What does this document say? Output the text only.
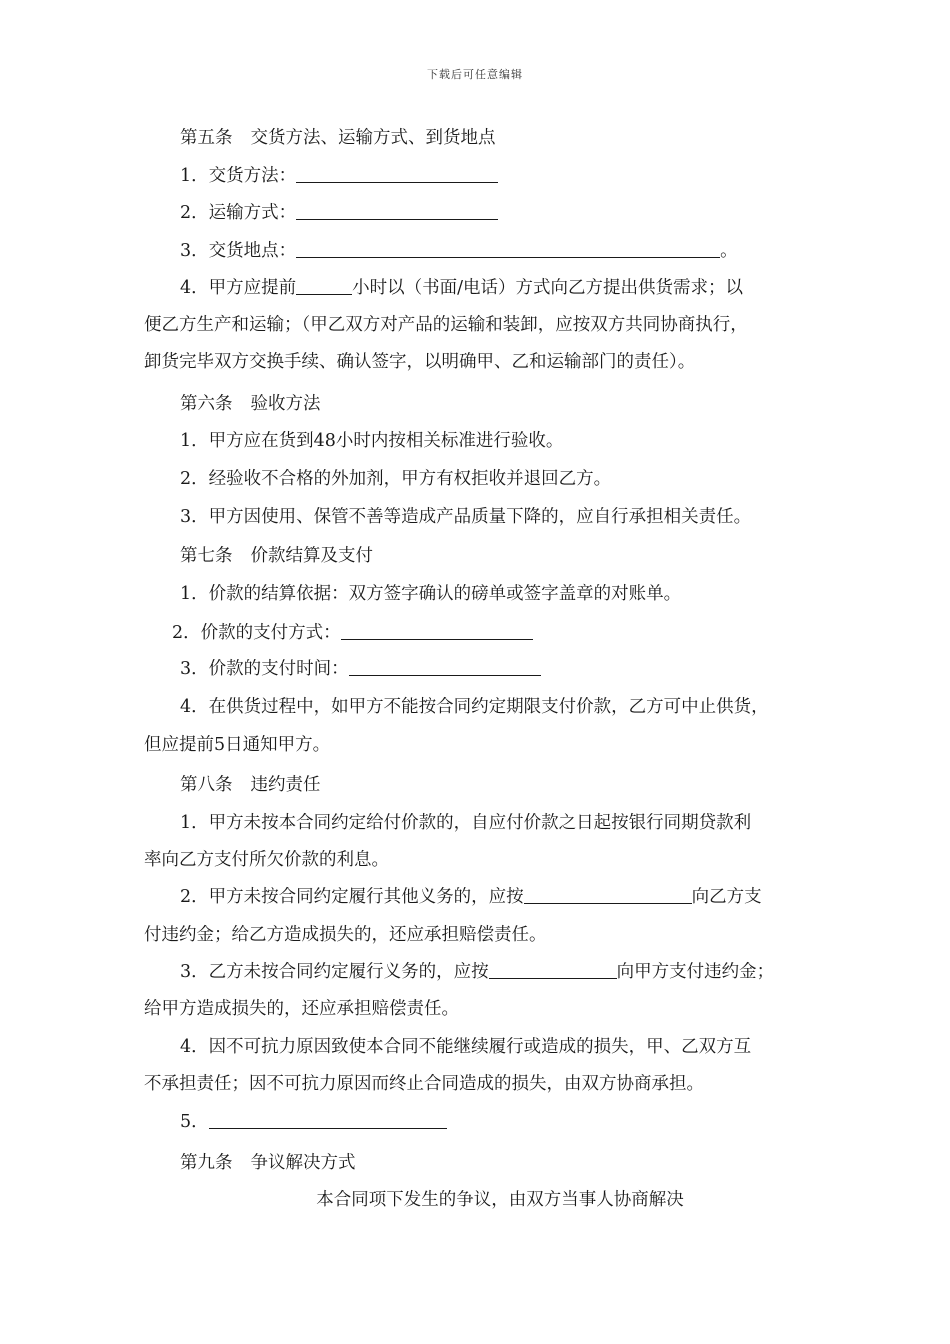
下载后可任意编辑
第五条 交货方法、运输方式、到货地点
1．交货方法：
2．运输方式：
3．交货地点：	。
4．甲方应提前	小时以（书面/电话）方式向乙方提出供货需求；以
便乙方生产和运输；（甲乙双方对产品的运输和装卸，应按双方共同协商执行，
卸货完毕双方交换手续、确认签字，以明确甲、乙和运输部门的责任）。
第六条 验收方法
1．甲方应在货到48小时内按相关标准进行验收。
2．经验收不合格的外加剂，甲方有权拒收并退回乙方。
3．甲方因使用、保管不善等造成产品质量下降的，应自行承担相关责任。
第七条 价款结算及支付
1．价款的结算依据：双方签字确认的磅单或签字盖章的对账单。
2．价款的支付方式：
3．价款的支付时间：
4．在供货过程中，如甲方不能按合同约定期限支付价款，乙方可中止供货，
但应提前5日通知甲方。
第八条 违约责任
1．甲方未按本合同约定给付价款的，自应付价款之日起按银行同期贷款利
率向乙方支付所欠价款的利息。
2．甲方未按合同约定履行其他义务的，应按	向乙方支
付违约金；给乙方造成损失的，还应承担赔偿责任。
3．乙方未按合同约定履行义务的，应按	向甲方支付违约金；
给甲方造成损失的，还应承担赔偿责任。
4．因不可抗力原因致使本合同不能继续履行或造成的损失，甲、乙双方互
不承担责任；因不可抗力原因而终止合同造成的损失，由双方协商承担。
5．
第九条 争议解决方式
本合同项下发生的争议，由双方当事人协商解决
